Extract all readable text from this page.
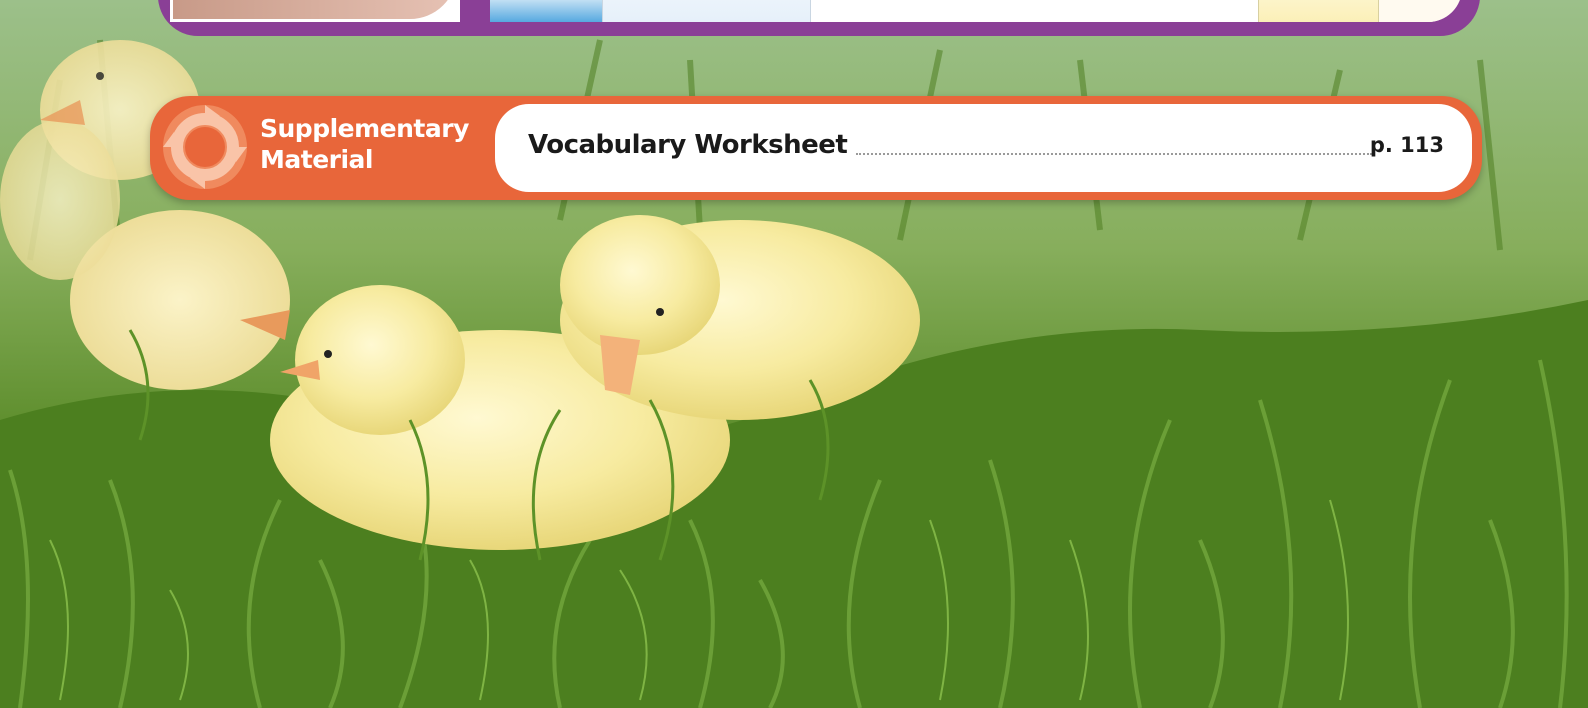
Supplementary Material	Vocabulary Worksheet	p. 113
